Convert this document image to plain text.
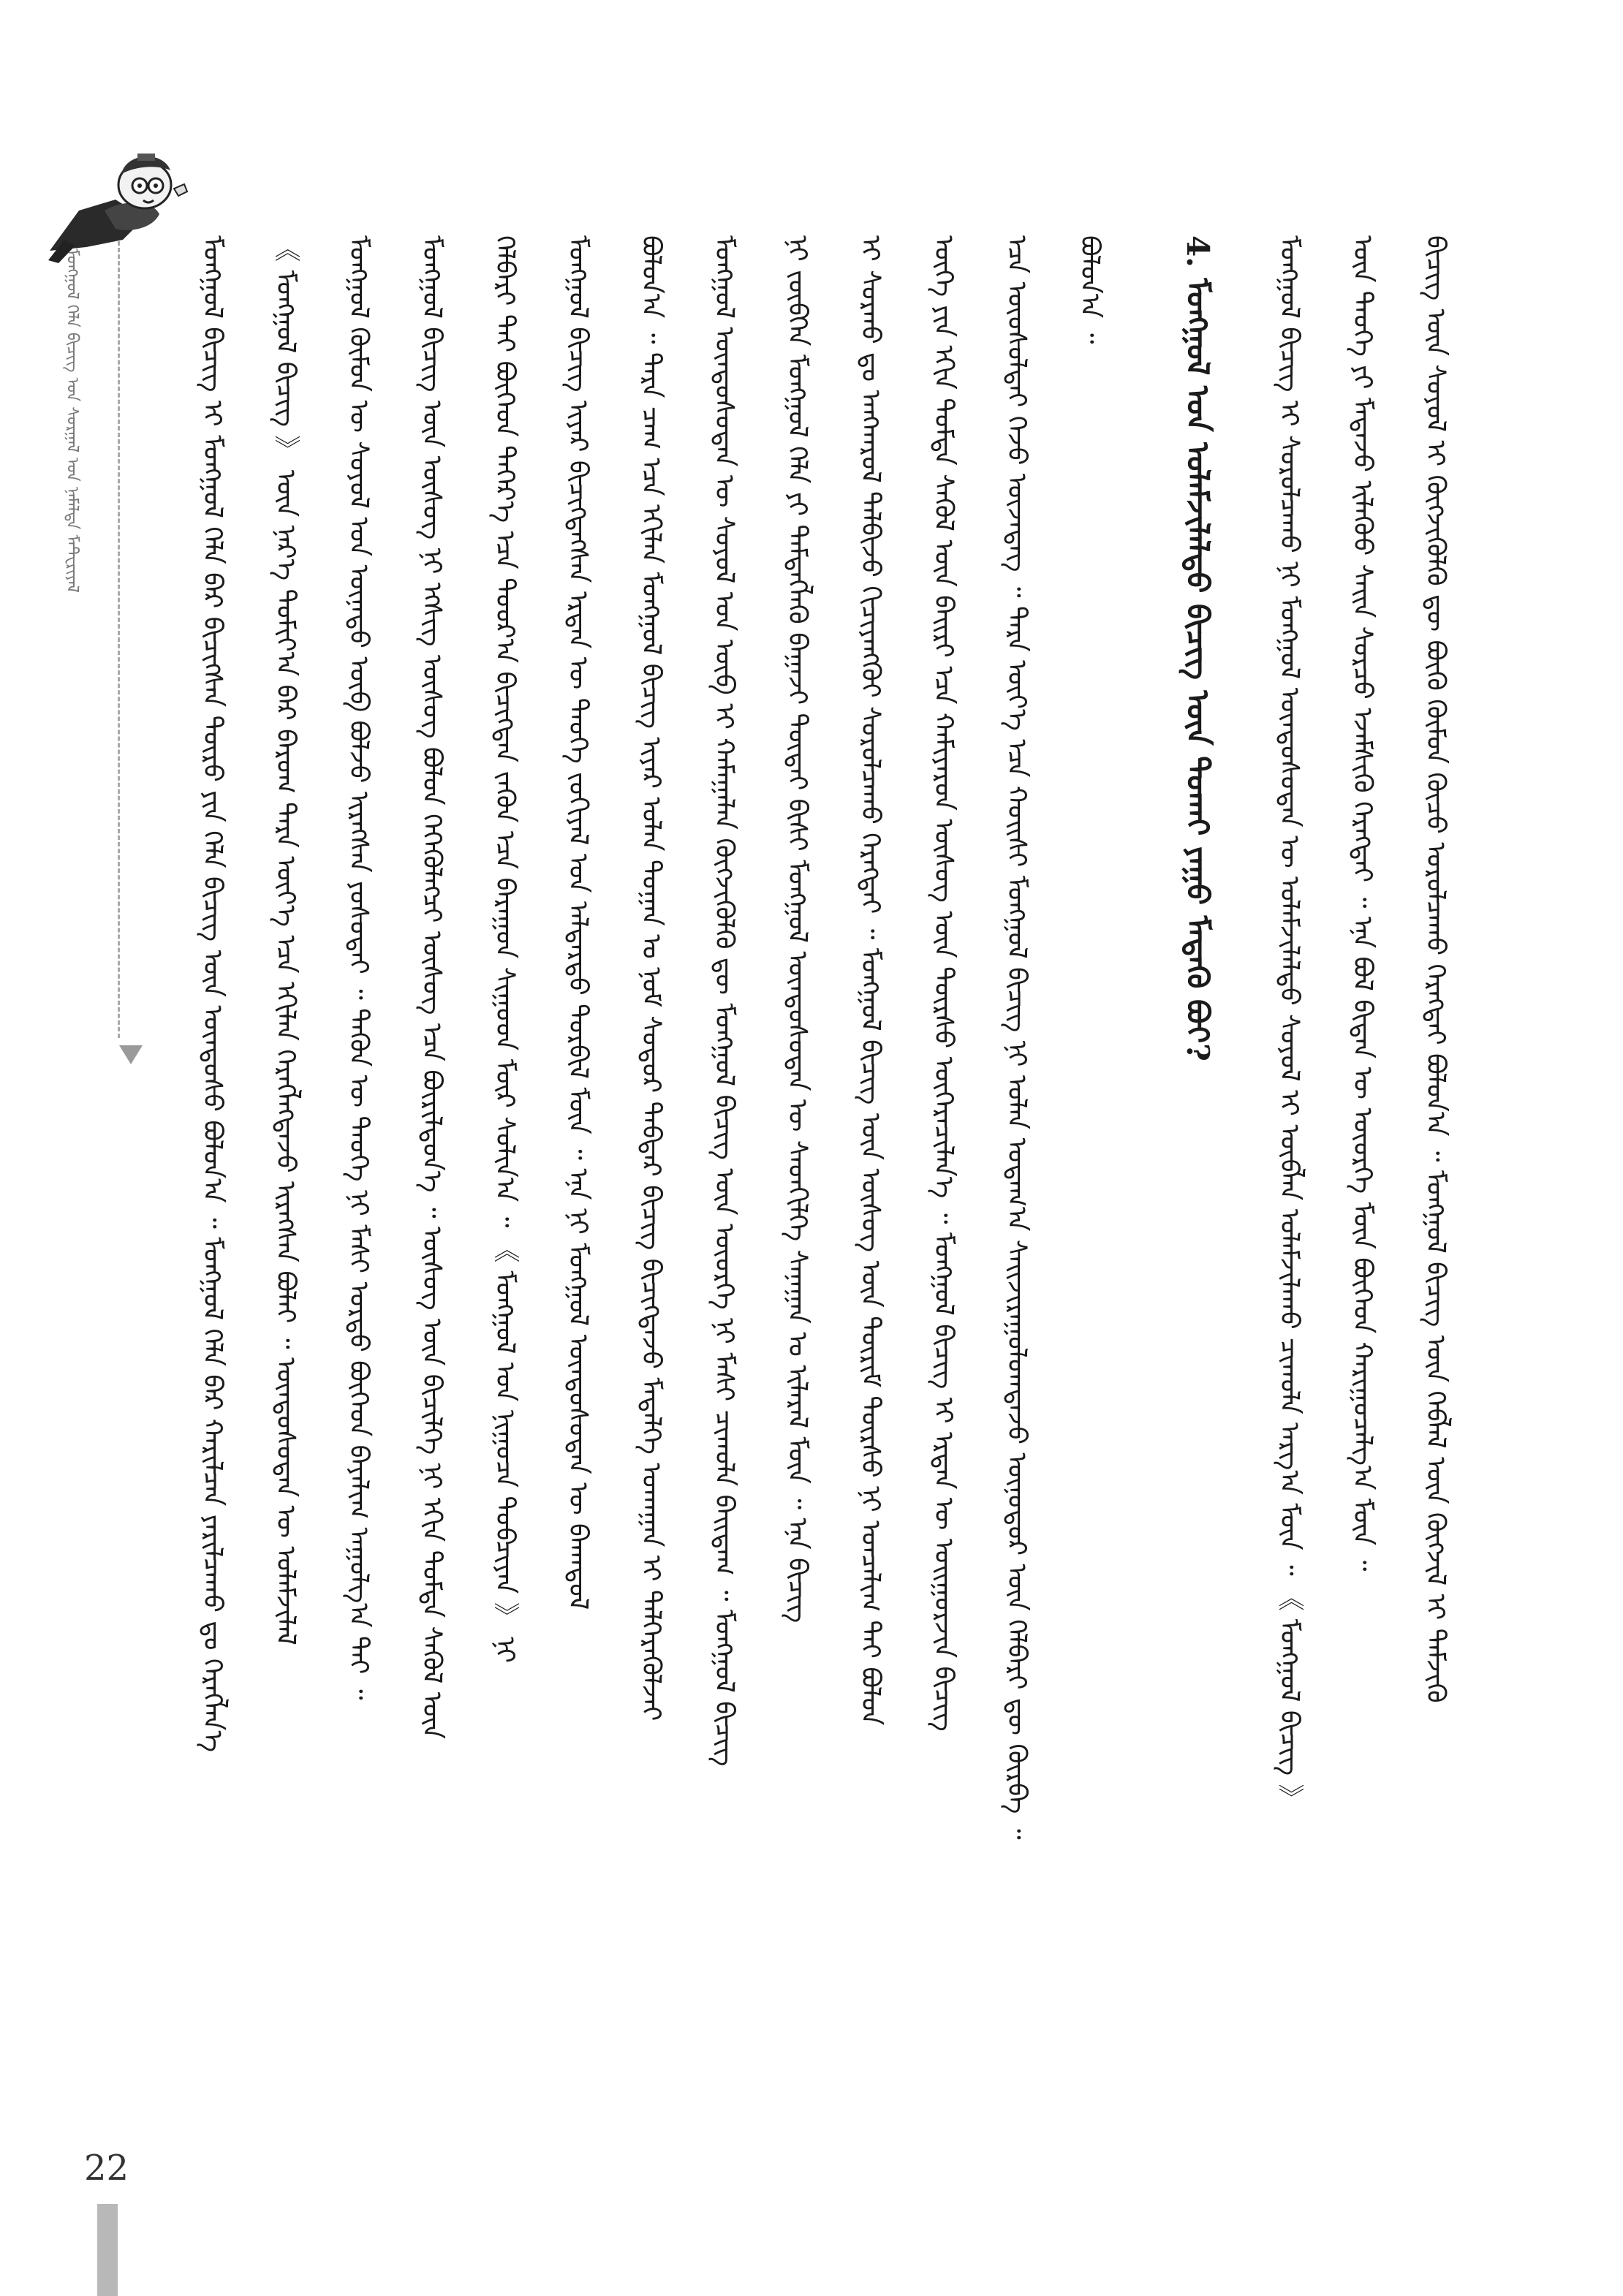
ᠮᠣᠩᠭᠣᠯ ᠬᠡᠯᠡ ᠪᠢᠴᠢᠭ ᠤᠨ ᠰᠤᠷᠭᠠᠯ ᠤᠨ ᠨᠡᠮᠡᠯᠲᠡ ᠮᠠᠲ᠋ᠧᠷᠢᠶᠠᠯ	ᠮᠣᠩᠭᠣᠯ ᠪᠢᠴᠢᠭ ᠢ ᠮᠣᠩᠭᠣᠯ ᠬᠡᠯᠡ ᠪᠡᠷ ᠪᠢᠴᠢᠭᠰᠡᠨ ᠲᠦᠷᠦ ᠶᠢᠨ ᠬᠡᠯᠡ ᠪᠢᠴᠢᠭ ᠦᠨ ᠦᠨᠳᠦᠰᠦ ᠪᠣᠯᠤᠨ᠎ᠠ ᠃ ᠮᠣᠩᠭᠣᠯ ᠬᠡᠯᠡ ᠪᠡᠷ ᠬᠠᠷᠢᠯᠴᠠᠨ ᠶᠠᠷᠢᠯᠴᠠᠬᠤ ᠳᠤ ᠬᠡᠷᠡᠭᠯᠡᠨ᠎ᠡ 《 ᠮᠣᠩᠭᠣᠯ ᠪᠢᠴᠢᠭ 》 ᠦᠨ ᠨᠡᠷ᠎ᠡ ᠲᠣᠮᠢᠶ᠎ᠠ ᠪᠡᠷ ᠪᠠᠷᠤᠭ ᠲᠡᠷᠡ ᠦᠶ᠎ᠡ ᠡᠴᠡ ᠡᠬᠢᠯᠡᠨ ᠬᠡᠷᠡᠭᠯᠡᠭᠳᠡᠵᠦ ᠢᠷᠡᠭᠰᠡᠨ ᠪᠣᠯᠠᠢ ᠃ ᠦᠨᠳᠦᠰᠦᠲᠡᠨ ᠦ ᠤᠯᠠᠮᠵᠢᠯᠠᠯ ᠮᠣᠩᠭᠣᠯ ᠬᠦᠮᠦᠨ ᠦ ᠰᠣᠶᠣᠯ ᠤᠨ ᠦᠨᠡᠲᠦ ᠥᠪ ᠪᠣᠯᠵᠤ ᠢᠷᠡᠭᠰᠡᠨ ᠶᠣᠰᠣᠲᠠᠢ ᠃ ᠲᠡᠭᠦᠨ ᠦ ᠲᠡᠦᠬᠡ ᠨᠢ ᠮᠠᠰᠢ ᠤᠷᠲᠤ ᠪᠥᠭᠡᠳ ᠪᠠᠶᠠᠯᠢᠭ ᠠᠭᠤᠯᠭ᠎ᠠ ᠲᠠᠢ ᠃ ᠮᠣᠩᠭᠣᠯ ᠪᠢᠴᠢᠭ ᠦᠨ ᠦᠰᠦᠭ ᠨᠢ ᠡᠭᠰᠢᠭ ᠦᠰᠦᠭ ᠪᠣᠯᠤᠨ ᠭᠡᠭᠡᠭᠦᠯᠡᠭᠴᠢ ᠦᠰᠦᠭ ᠡᠴᠡ ᠪᠦᠷᠢᠯᠳᠦᠨ᠎ᠡ ᠃ ᠦᠰᠦᠭ ᠦᠨ ᠪᠢᠴᠢᠯᠭᠡ ᠨᠢ ᠡᠬᠢᠨ ᠳᠤᠮᠳᠠ ᠰᠡᠭᠦᠯ ᠦᠨ ᠬᠡᠯᠪᠡᠷᠢ ᠲᠡᠢ ᠪᠥᠭᠡᠳ ᠳᠡᠭᠡᠷ᠎ᠡ ᠡᠴᠡ ᠳᠣᠣᠷ᠎ᠠ ᠪᠢᠴᠢᠭᠳᠡᠨ ᠵᠡᠭᠦᠨ ᠡᠴᠡ ᠪᠠᠷᠠᠭᠤᠨ ᠰᠢᠭᠤᠳ ᠮᠦᠷ ᠰᠣᠯᠢᠨ᠎ᠠ ᠃ 《 ᠮᠣᠩᠭᠣᠯ ᠤᠨ ᠨᠢᠭᠤᠴᠠ ᠲᠣᠪᠴᠢᠶᠠᠨ 》 ᠨᠢ ᠮᠣᠩᠭᠣᠯ ᠪᠢᠴᠢᠭ ᠢᠶᠡᠷ ᠪᠢᠴᠢᠭᠳᠡᠭᠰᠡᠨ ᠡᠷᠲᠡᠨ ᠦ ᠲᠡᠦᠬᠡ ᠵᠣᠬᠢᠶᠠᠯ ᠤᠨ ᠠᠯᠳᠠᠷᠲᠤ ᠲᠤᠷᠪᠢᠯ ᠮᠥᠨ ᠃ ᠡᠨᠡ ᠨᠢ ᠮᠣᠩᠭᠣᠯ ᠦᠨᠳᠦᠰᠦᠲᠡᠨ ᠦ ᠪᠠᠬᠠᠳᠤᠯ ᠪᠣᠯᠤᠨ᠎ᠠ ᠃ ᠲᠡᠷᠡ ᠴᠠᠭ ᠡᠴᠡ ᠡᠬᠢᠯᠡᠨ ᠮᠣᠩᠭᠣᠯ ᠪᠢᠴᠢᠭ ᠢᠶᠡᠷ ᠣᠯᠠᠨ ᠲᠣᠭᠠᠨ ᠤ ᠨᠣᠮ ᠰᠤᠳᠤᠷ ᠳᠡᠪᠲᠡᠷ ᠪᠢᠴᠢᠭ ᠪᠢᠴᠢᠭᠳᠡᠵᠦ ᠮᠡᠳᠡᠯᠭᠡ ᠤᠬᠠᠭᠠᠨ ᠢ ᠳᠡᠯᠭᠡᠷᠡᠭᠦᠯᠵᠡᠢ ᠮᠣᠩᠭᠣᠯ ᠦᠨᠳᠦᠰᠦᠲᠡᠨ ᠦ ᠰᠣᠶᠣᠯ ᠤᠨ ᠥᠪ ᠢ ᠬᠠᠮᠠᠭᠠᠯᠠᠨ ᠬᠥᠭᠵᠢᠭᠦᠯᠬᠦ ᠳᠦ ᠮᠣᠩᠭᠣᠯ ᠪᠢᠴᠢᠭ ᠦᠨ ᠦᠦᠷᠭᠡ ᠨᠢ ᠮᠠᠰᠢ ᠴᠢᠬᠤᠯᠠ ᠪᠠᠢᠳᠠᠭ ᠃ ᠮᠣᠩᠭᠣᠯ ᠪᠢᠴᠢᠭ ᠨᠢ ᠵᠥᠪᠬᠡᠨ ᠮᠣᠩᠭᠣᠯ ᠬᠡᠯᠡ ᠶᠢ ᠲᠡᠮᠳᠡᠭᠯᠡᠬᠦ ᠪᠠᠭᠠᠵᠢ ᠲᠥᠳᠡᠢ ᠪᠢᠰᠢ ᠮᠣᠩᠭᠣᠯ ᠦᠨᠳᠦᠰᠦᠲᠡᠨ ᠦ ᠰᠡᠳᠬᠢᠯᠭᠡ ᠰᠠᠨᠠᠭᠠᠨ ᠤ ᠢᠯᠡᠷᠡᠯ ᠮᠥᠨ ᠃ ᠡᠨᠡ ᠪᠢᠴᠢᠭ ᠢ ᠰᠤᠷᠬᠤ ᠳᠤ ᠠᠩᠬᠠᠷᠤᠯ ᠲᠠᠯᠪᠢᠵᠤ ᠬᠢᠴᠢᠶᠡᠩᠭᠦᠢ ᠰᠤᠷᠤᠯᠴᠠᠬᠤ ᠬᠡᠷᠡᠭᠲᠡᠢ ᠃ ᠮᠣᠩᠭᠣᠯ ᠪᠢᠴᠢᠭ ᠦᠨ ᠦᠰᠦᠭ ᠦᠨ ᠳᠦᠷᠢᠮ ᠳᠦᠷᠰᠦ ᠨᠢ ᠣᠨᠴᠠᠯᠢᠭ ᠲᠠᠢ ᠪᠣᠯᠤᠨ ᠦᠭᠡ ᠶᠢᠨ ᠡᠬᠢᠨ ᠳᠤᠮᠳᠠ ᠰᠡᠭᠦᠯ ᠦᠨ ᠪᠠᠢᠷᠢ ᠡᠴᠡ ᠬᠠᠮᠢᠶᠠᠷᠤᠨ ᠦᠰᠦᠭ ᠦᠨ ᠳᠦᠷᠰᠦ ᠥᠭᠡᠷᠡᠴᠢᠯᠡᠨ᠎ᠡ ᠃ ᠮᠣᠩᠭᠣᠯ ᠪᠢᠴᠢᠭ ᠢ ᠡᠷᠲᠡᠨ ᠦ ᠤᠢᠭᠤᠷᠵᠢᠨ ᠪᠢᠴᠢᠭ ᠡᠴᠡ ᠦᠦᠰᠦᠯᠲᠡᠢ ᠭᠡᠵᠦ ᠦᠵᠡᠳᠡᠭ ᠃ ᠲᠡᠷᠡ ᠦᠶ᠎ᠡ ᠡᠴᠡ ᠬᠣᠢᠰᠢ ᠮᠣᠩᠭᠣᠯ ᠪᠢᠴᠢᠭ ᠨᠢ ᠣᠯᠠᠨ ᠤᠳᠠᠭ᠎ᠠ ᠰᠠᠢᠵᠢᠷᠠᠭᠤᠯᠤᠭᠳᠠᠵᠤ ᠥᠨᠥᠳᠦᠷ ᠦᠨ ᠬᠡᠯᠪᠡᠷᠢ ᠳᠦ ᠬᠦᠷᠪᠡ ᠃ ᠪᠣᠯᠤᠨ᠎ᠠ ᠃ 4. ᠮᠣᠩᠭᠣᠯ ᠤᠨ ᠤᠯᠠᠮᠵᠢᠯᠠᠯᠲᠤ ᠪᠢᠴᠢᠭ ᠦᠨ ᠲᠤᠬᠠᠢ ᠶᠠᠭᠤ ᠮᠡᠳᠡᠬᠦ ᠪᠤᠢ? ᠮᠣᠩᠭᠣᠯ ᠪᠢᠴᠢᠭ ᠢ ᠰᠤᠷᠤᠯᠴᠠᠬᠤ ᠨᠢ ᠮᠣᠩᠭᠣᠯ ᠦᠨᠳᠦᠰᠦᠲᠡᠨ ᠦ ᠤᠯᠠᠮᠵᠢᠯᠠᠯᠲᠤ ᠰᠣᠶᠣᠯ ᠢ ᠥᠪᠯᠡᠨ ᠤᠯᠠᠮᠵᠢᠯᠠᠬᠤ ᠴᠢᠬᠤᠯᠠ ᠠᠷᠭ᠎ᠠ ᠮᠥᠨ ᠃ 《 ᠮᠣᠩᠭᠣᠯ ᠪᠢᠴᠢᠭ 》 ᠦᠨ ᠲᠡᠦᠬᠡ ᠶᠢ ᠮᠡᠳᠡᠵᠦ ᠢᠯᠡᠭᠦᠦ ᠰᠠᠢᠨ ᠰᠤᠷᠴᠤ ᠡᠵᠡᠮᠰᠢᠬᠦ ᠬᠡᠷᠡᠭᠲᠡᠢ ᠃ ᠡᠨᠡ ᠪᠣᠯ ᠪᠢᠳᠡᠨ ᠦ ᠦᠦᠷᠭᠡ ᠮᠥᠨ ᠪᠥᠭᠡᠳ ᠬᠠᠷᠢᠭᠤᠴᠠᠯᠭ᠎ᠠ ᠮᠥᠨ ᠃ ᠪᠢᠴᠢᠭ ᠦᠨ ᠰᠣᠶᠣᠯ ᠢ ᠬᠥᠭᠵᠢᠭᠦᠯᠬᠦ ᠳᠦ ᠪᠦᠬᠦ ᠬᠦᠮᠦᠨ ᠬᠦᠴᠦ ᠣᠷᠣᠯᠴᠠᠬᠤ ᠬᠡᠷᠡᠭᠲᠡᠢ ᠪᠣᠯᠤᠨ᠎ᠠ ᠃ ᠮᠣᠩᠭᠣᠯ ᠪᠢᠴᠢᠭ ᠦᠨ ᠬᠡᠪᠯᠡᠯ ᠦᠨ ᠬᠥᠭᠵᠢᠯ ᠢ ᠳᠡᠮᠵᠢᠬᠦ
22
